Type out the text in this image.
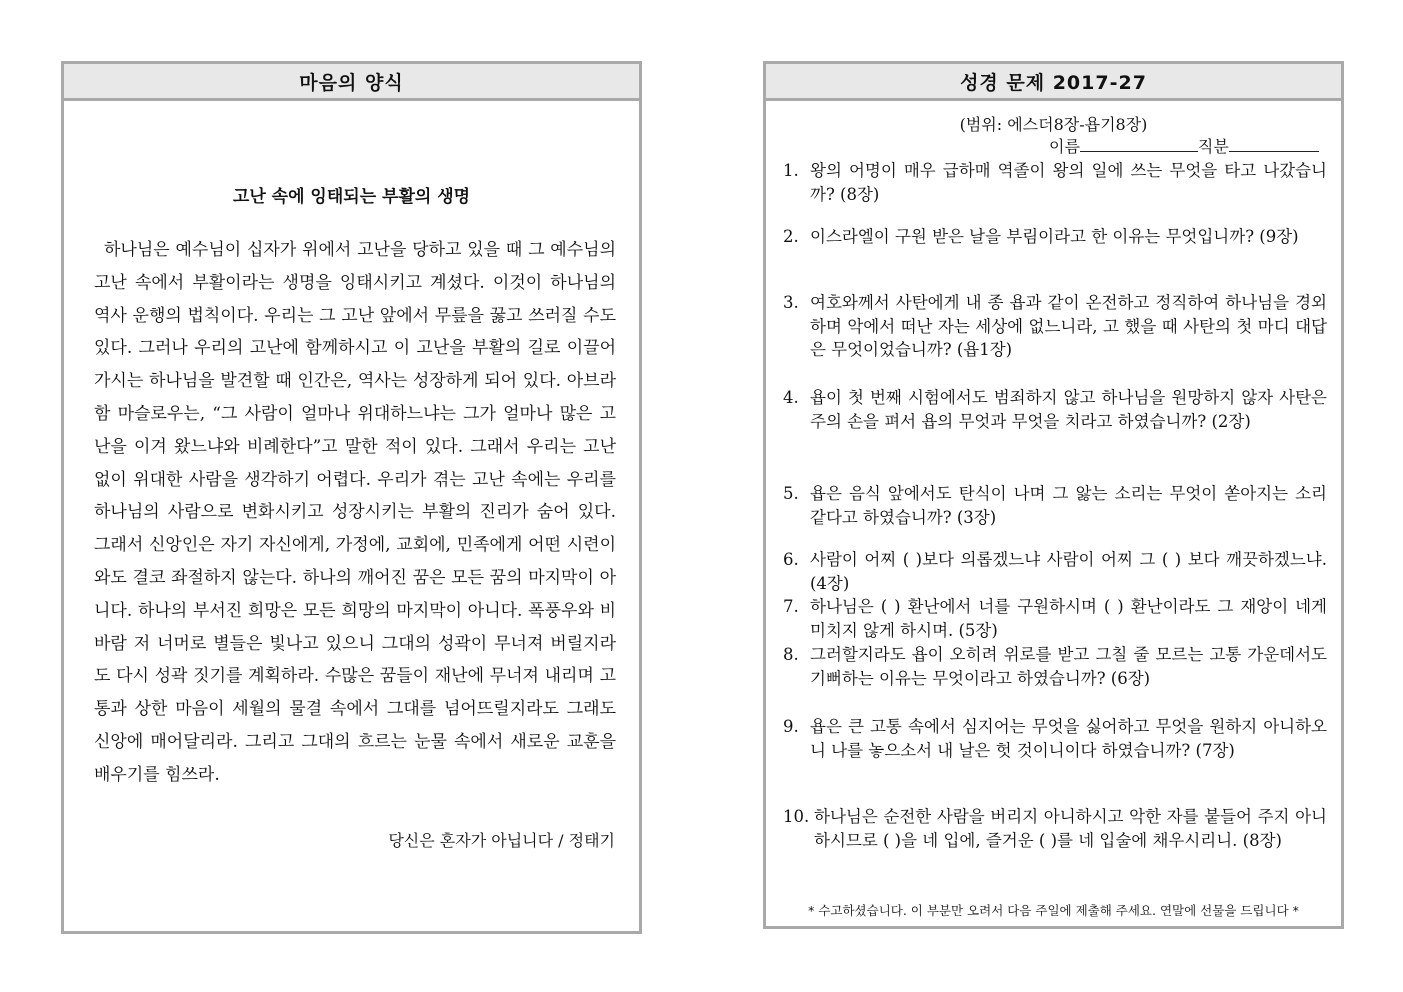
마음의 양식
고난 속에 잉태되는 부활의 생명
하나님은 예수님이 십자가 위에서 고난을 당하고 있을 때 그 예수님의 고난 속에서 부활이라는 생명을 잉태시키고 계셨다. 이것이 하나님의 역사 운행의 법칙이다. 우리는 그 고난 앞에서 무릎을 꿇고 쓰러질 수도 있다. 그러나 우리의 고난에 함께하시고 이 고난을 부활의 길로 이끌어 가시는 하나님을 발견할 때 인간은, 역사는 성장하게 되어 있다. 아브라함 마슬로우는, “그 사람이 얼마나 위대하느냐는 그가 얼마나 많은 고난을 이겨 왔느냐와 비례한다”고 말한 적이 있다. 그래서 우리는 고난 없이 위대한 사람을 생각하기 어렵다. 우리가 겪는 고난 속에는 우리를 하나님의 사람으로 변화시키고 성장시키는 부활의 진리가 숨어 있다. 그래서 신앙인은 자기 자신에게, 가정에, 교회에, 민족에게 어떤 시련이 와도 결코 좌절하지 않는다. 하나의 깨어진 꿈은 모든 꿈의 마지막이 아니다. 하나의 부서진 희망은 모든 희망의 마지막이 아니다. 폭풍우와 비바람 저 너머로 별들은 빛나고 있으니 그대의 성곽이 무너져 버릴지라도 다시 성곽 짓기를 계획하라. 수많은 꿈들이 재난에 무너져 내리며 고통과 상한 마음이 세월의 물결 속에서 그대를 넘어뜨릴지라도 그래도 신앙에 매어달리라. 그리고 그대의 흐르는 눈물 속에서 새로운 교훈을 배우기를 힘쓰라.
당신은 혼자가 아닙니다 / 정태기
성경 문제 2017-27
(범위: 에스더8장-욥기8장)
이름	직분
1. 왕의 어명이 매우 급하매 역졸이 왕의 일에 쓰는 무엇을 타고 나갔습니까? (8장)
2. 이스라엘이 구원 받은 날을 부림이라고 한 이유는 무엇입니까? (9장)
3. 여호와께서 사탄에게 내 종 욥과 같이 온전하고 정직하여 하나님을 경외하며 악에서 떠난 자는 세상에 없느니라, 고 했을 때 사탄의 첫 마디 대답은 무엇이었습니까? (욥1장)
4. 욥이 첫 번째 시험에서도 범죄하지 않고 하나님을 원망하지 않자 사탄은 주의 손을 펴서 욥의 무엇과 무엇을 치라고 하였습니까? (2장)
5. 욥은 음식 앞에서도 탄식이 나며 그 앓는 소리는 무엇이 쏟아지는 소리 같다고 하였습니까? (3장)
6. 사람이 어찌 ( )보다 의롭겠느냐 사람이 어찌 그 ( ) 보다 깨끗하겠느냐. (4장)
7. 하나님은 ( ) 환난에서 너를 구원하시며 ( ) 환난이라도 그 재앙이 네게 미치지 않게 하시며. (5장)
8. 그러할지라도 욥이 오히려 위로를 받고 그칠 줄 모르는 고통 가운데서도 기뻐하는 이유는 무엇이라고 하였습니까? (6장)
9. 욥은 큰 고통 속에서 심지어는 무엇을 싫어하고 무엇을 원하지 아니하오니 나를 놓으소서 내 날은 헛 것이니이다 하였습니까? (7장)
10. 하나님은 순전한 사람을 버리지 아니하시고 악한 자를 붙들어 주지 아니하시므로 ( )을 네 입에, 즐거운 ( )를 네 입술에 채우시리니. (8장)
* 수고하셨습니다. 이 부분만 오려서 다음 주일에 제출해 주세요. 연말에 선물을 드립니다 *
